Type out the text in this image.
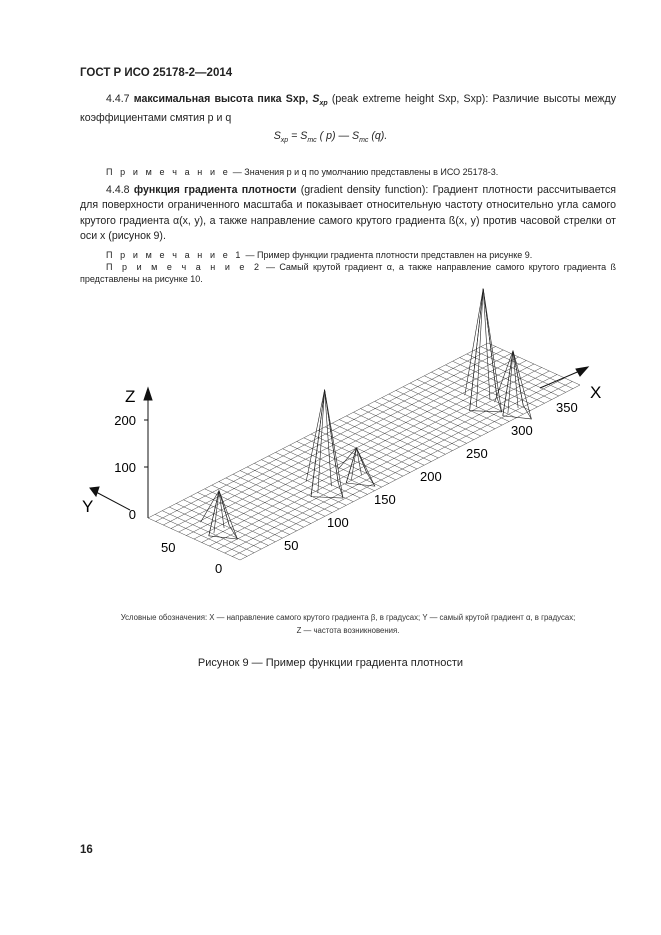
ГОСТ Р ИСО 25178-2—2014
4.4.7 максимальная высота пика Sxp, $S_{xp}$ (peak extreme height Sxp, Sxp): Различие высоты между коэффициентами смятия p и q
$S_{xp} = S_{mc}$ ( p) — $S_{mc}$ (q).
П р и м е ч а н и е — Значения p и q по умолчанию представлены в ИСО 25178-3.
4.4.8 функция градиента плотности (gradient density function): Градиент плотности рассчитывается для поверхности ограниченного масштаба и показывает относительную частоту относительно угла самого крутого градиента α(x, y), а также направление самого крутого градиента ß(x, y) против часовой стрелки от оси x (рисунок 9).
П р и м е ч а н и е 1 — Пример функции градиента плотности представлен на рисунке 9.
П р и м е ч а н и е 2 — Самый крутой градиент α, а также направление самого крутого градиента ß представлены на рисунке 10.
Z	X
Y	0
100
200
0
50	50
100
150
200
250
300
350
Условные обозначения: X — направление самого крутого градиента β, в градусах; Y — самый крутой градиент α, в градусах;
Z — частота возникновения.
Рисунок 9 — Пример функции градиента плотности
16
